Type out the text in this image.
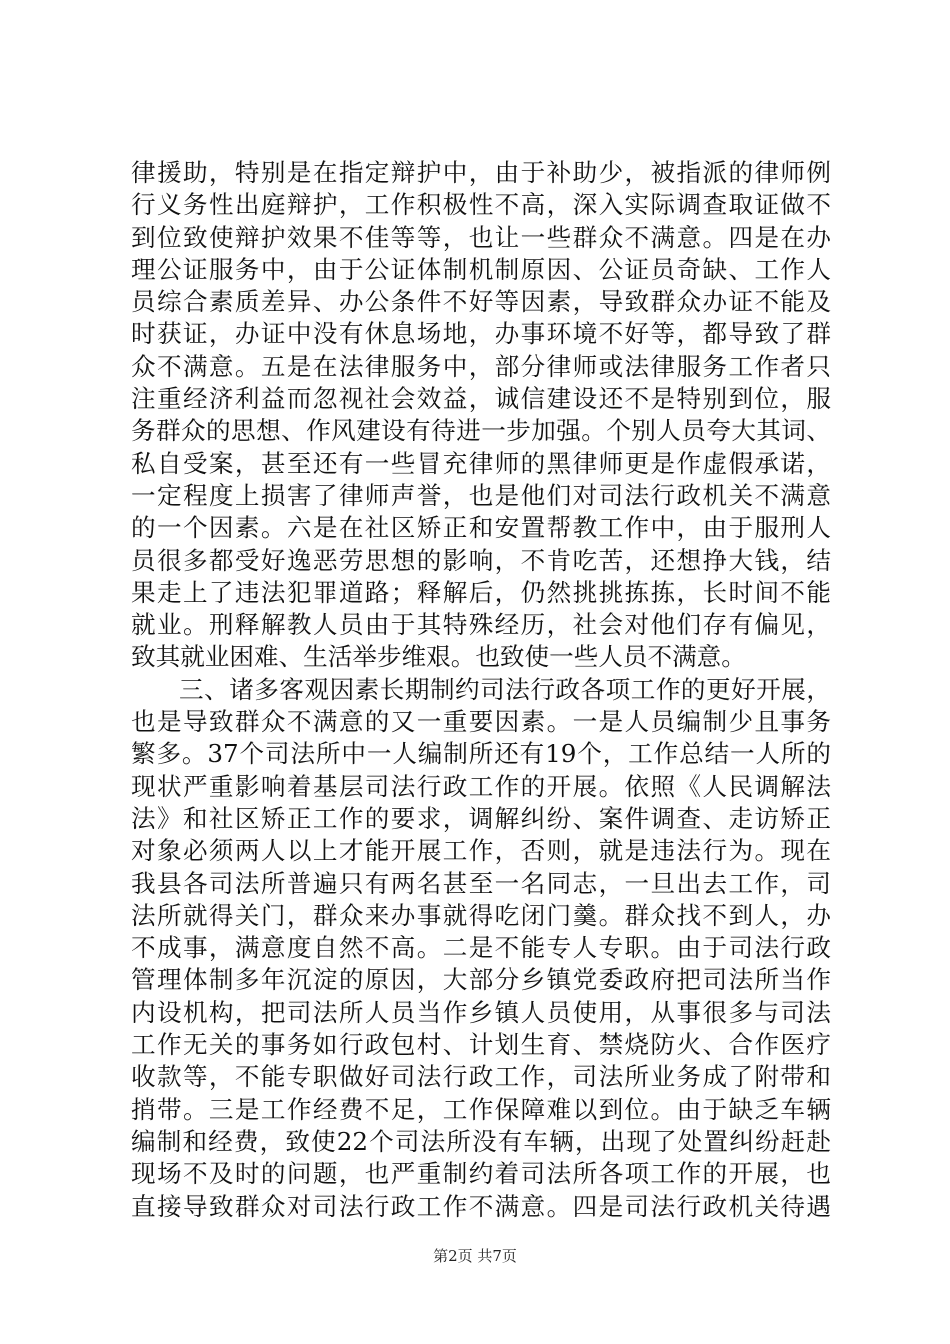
律援助，特别是在指定辩护中，由于补助少，被指派的律师例
行义务性出庭辩护，工作积极性不高，深入实际调查取证做不
到位致使辩护效果不佳等等，也让一些群众不满意。四是在办
理公证服务中，由于公证体制机制原因、公证员奇缺、工作人
员综合素质差异、办公条件不好等因素，导致群众办证不能及
时获证，办证中没有休息场地，办事环境不好等，都导致了群
众不满意。五是在法律服务中，部分律师或法律服务工作者只
注重经济利益而忽视社会效益，诚信建设还不是特别到位，服
务群众的思想、作风建设有待进一步加强。个别人员夸大其词、
私自受案，甚至还有一些冒充律师的黑律师更是作虚假承诺，
一定程度上损害了律师声誉，也是他们对司法行政机关不满意
的一个因素。六是在社区矫正和安置帮教工作中，由于服刑人
员很多都受好逸恶劳思想的影响，不肯吃苦，还想挣大钱，结
果走上了违法犯罪道路；释解后，仍然挑挑拣拣，长时间不能
就业。刑释解教人员由于其特殊经历，社会对他们存有偏见，
致其就业困难、生活举步维艰。也致使一些人员不满意。
三、诸多客观因素长期制约司法行政各项工作的更好开展，
也是导致群众不满意的又一重要因素。一是人员编制少且事务
繁多。37个司法所中一人编制所还有19个，工作总结一人所的
现状严重影响着基层司法行政工作的开展。依照《人民调解法
法》和社区矫正工作的要求，调解纠纷、案件调查、走访矫正
对象必须两人以上才能开展工作，否则，就是违法行为。现在
我县各司法所普遍只有两名甚至一名同志，一旦出去工作，司
法所就得关门，群众来办事就得吃闭门羹。群众找不到人，办
不成事，满意度自然不高。二是不能专人专职。由于司法行政
管理体制多年沉淀的原因，大部分乡镇党委政府把司法所当作
内设机构，把司法所人员当作乡镇人员使用，从事很多与司法
工作无关的事务如行政包村、计划生育、禁烧防火、合作医疗
收款等，不能专职做好司法行政工作，司法所业务成了附带和
捎带。三是工作经费不足，工作保障难以到位。由于缺乏车辆
编制和经费，致使22个司法所没有车辆，出现了处置纠纷赶赴
现场不及时的问题，也严重制约着司法所各项工作的开展，也
直接导致群众对司法行政工作不满意。四是司法行政机关待遇
第2页 共7页
